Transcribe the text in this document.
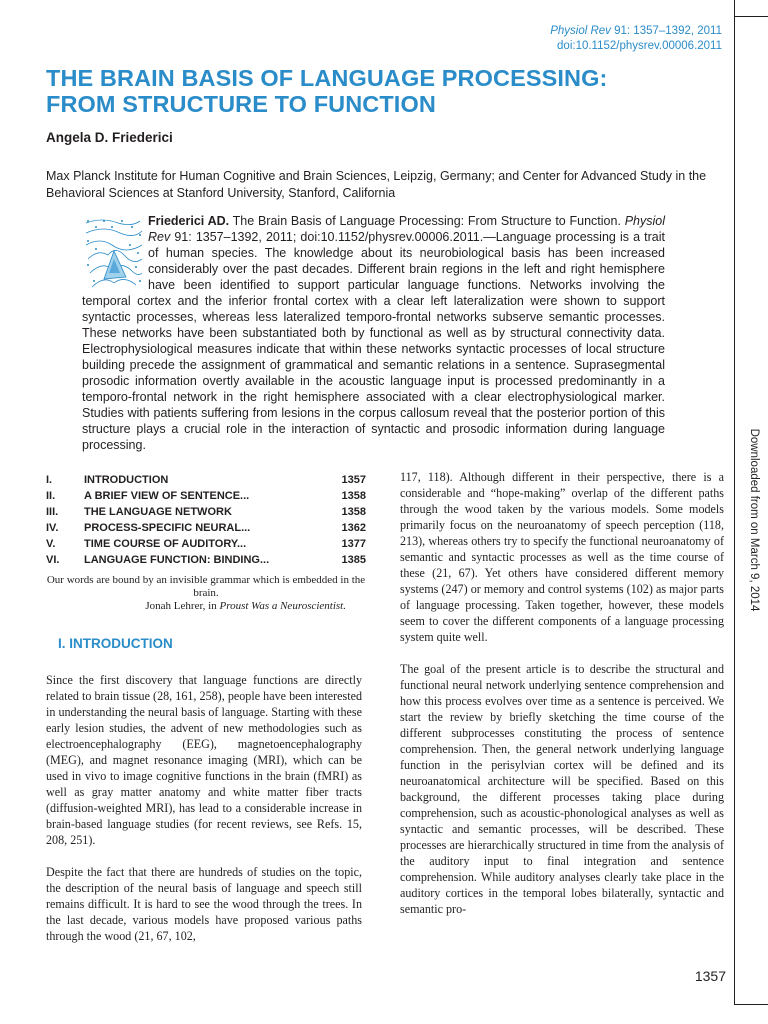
Physiol Rev 91: 1357–1392, 2011
doi:10.1152/physrev.00006.2011
THE BRAIN BASIS OF LANGUAGE PROCESSING:
FROM STRUCTURE TO FUNCTION
Angela D. Friederici
Max Planck Institute for Human Cognitive and Brain Sciences, Leipzig, Germany; and Center for Advanced Study in the Behavioral Sciences at Stanford University, Stanford, California
Friederici AD. The Brain Basis of Language Processing: From Structure to Function. Physiol Rev 91: 1357–1392, 2011; doi:10.1152/physrev.00006.2011.—Language processing is a trait of human species. The knowledge about its neurobiological basis has been increased considerably over the past decades. Different brain regions in the left and right hemisphere have been identified to support particular language functions. Networks involving the temporal cortex and the inferior frontal cortex with a clear left lateralization were shown to support syntactic processes, whereas less lateralized temporo-frontal networks subserve semantic processes. These networks have been substantiated both by functional as well as by structural connectivity data. Electrophysiological measures indicate that within these networks syntactic processes of local structure building precede the assignment of grammatical and semantic relations in a sentence. Suprasegmental prosodic information overtly available in the acoustic language input is processed predominantly in a temporo-frontal network in the right hemisphere associated with a clear electrophysiological marker. Studies with patients suffering from lesions in the corpus callosum reveal that the posterior portion of this structure plays a crucial role in the interaction of syntactic and prosodic information during language processing.
I.	INTRODUCTION	1357
II.	A BRIEF VIEW OF SENTENCE...	1358
III.	THE LANGUAGE NETWORK	1358
IV.	PROCESS-SPECIFIC NEURAL...	1362
V.	TIME COURSE OF AUDITORY...	1377
VI.	LANGUAGE FUNCTION: BINDING...	1385
Our words are bound by an invisible grammar which is embedded in the brain.
Jonah Lehrer, in Proust Was a Neuroscientist.
I. INTRODUCTION

Since the first discovery that language functions are directly related to brain tissue (28, 161, 258), people have been interested in understanding the neural basis of language. Starting with these early lesion studies, the advent of new methodologies such as electroencephalography (EEG), magnetoencephalography (MEG), and magnet resonance imaging (MRI), which can be used in vivo to image cognitive functions in the brain (fMRI) as well as gray matter anatomy and white matter fiber tracts (diffusion-weighted MRI), has lead to a considerable increase in brain-based language studies (for recent reviews, see Refs. 15, 208, 251).

Despite the fact that there are hundreds of studies on the topic, the description of the neural basis of language and speech still remains difficult. It is hard to see the wood through the trees. In the last decade, various models have proposed various paths through the wood (21, 67, 102,

117, 118). Although different in their perspective, there is a considerable and “hope-making” overlap of the different paths through the wood taken by the various models. Some models primarily focus on the neuroanatomy of speech perception (118, 213), whereas others try to specify the functional neuroanatomy of semantic and syntactic processes as well as the time course of these (21, 67). Yet others have considered different memory systems (247) or memory and control systems (102) as major parts of language processing. Taken together, however, these models seem to cover the different components of a language processing system quite well.

The goal of the present article is to describe the structural and functional neural network underlying sentence comprehension and how this process evolves over time as a sentence is perceived. We start the review by briefly sketching the time course of the different subprocesses constituting the process of sentence comprehension. Then, the general network underlying language function in the perisylvian cortex will be defined and its neuroanatomical architecture will be specified. Based on this background, the different processes taking place during comprehension, such as acoustic-phonological analyses as well as syntactic and semantic processes, will be described. These processes are hierarchically structured in time from the analysis of the auditory input to final integration and sentence comprehension. While auditory analyses clearly take place in the auditory cortices in the temporal lobes bilaterally, syntactic and semantic pro-

Downloaded from on March 9, 2014
1357
